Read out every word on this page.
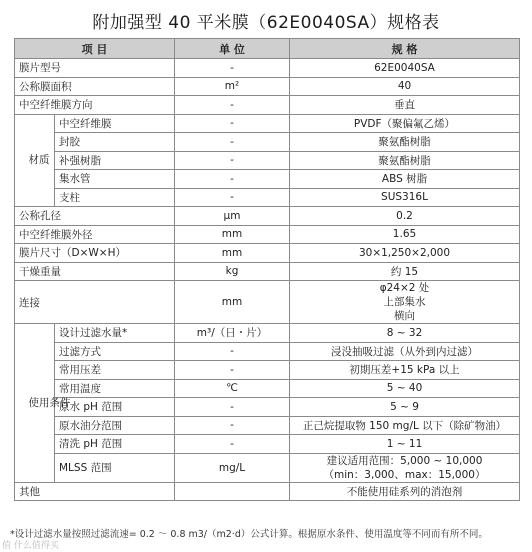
附加强型 40 平米膜（62E0040SA）规格表
项 目		单 位	规 格
膜片型号		-	62E0040SA
公称膜面积		m²	40
中空纤维膜方向		-	垂直
材质	中空纤维膜	-	PVDF（聚偏氟乙烯）
	封胶	-	聚氨酯树脂
	补强树脂	-	聚氨酯树脂
	集水管	-	ABS 树脂
	支柱	-	SUS316L
公称孔径		μm	0.2
中空纤维膜外径		mm	1.65
膜片尺寸（D×W×H）		mm	30×1,250×2,000
干燥重量		kg	约 15
连接		mm	φ24×2 处
上部集水
横向

使用条件	设计过滤水量*	m³/（日・片）	8 ~ 32
	过滤方式	-	浸没抽吸过滤（从外到内过滤）
	常用压差	-	初期压差+15 kPa 以上
	常用温度	℃	5 ~ 40
	原水 pH 范围	-	5 ~ 9
	原水油分范围	-	正己烷提取物 150 mg/L 以下（除矿物油）
	清洗 pH 范围	-	1 ~ 11
	MLSS 范围	mg/L	建议适用范围：5,000 ~ 10,000
（min：3,000、max：15,000）

其他			不能使用硅系列的消泡剂
*设计过滤水量按照过滤流速= 0.2 ～ 0.8 m3/（m2·d）公式计算。根据原水条件、使用温度等不同而有所不同。
值 什么值得买
